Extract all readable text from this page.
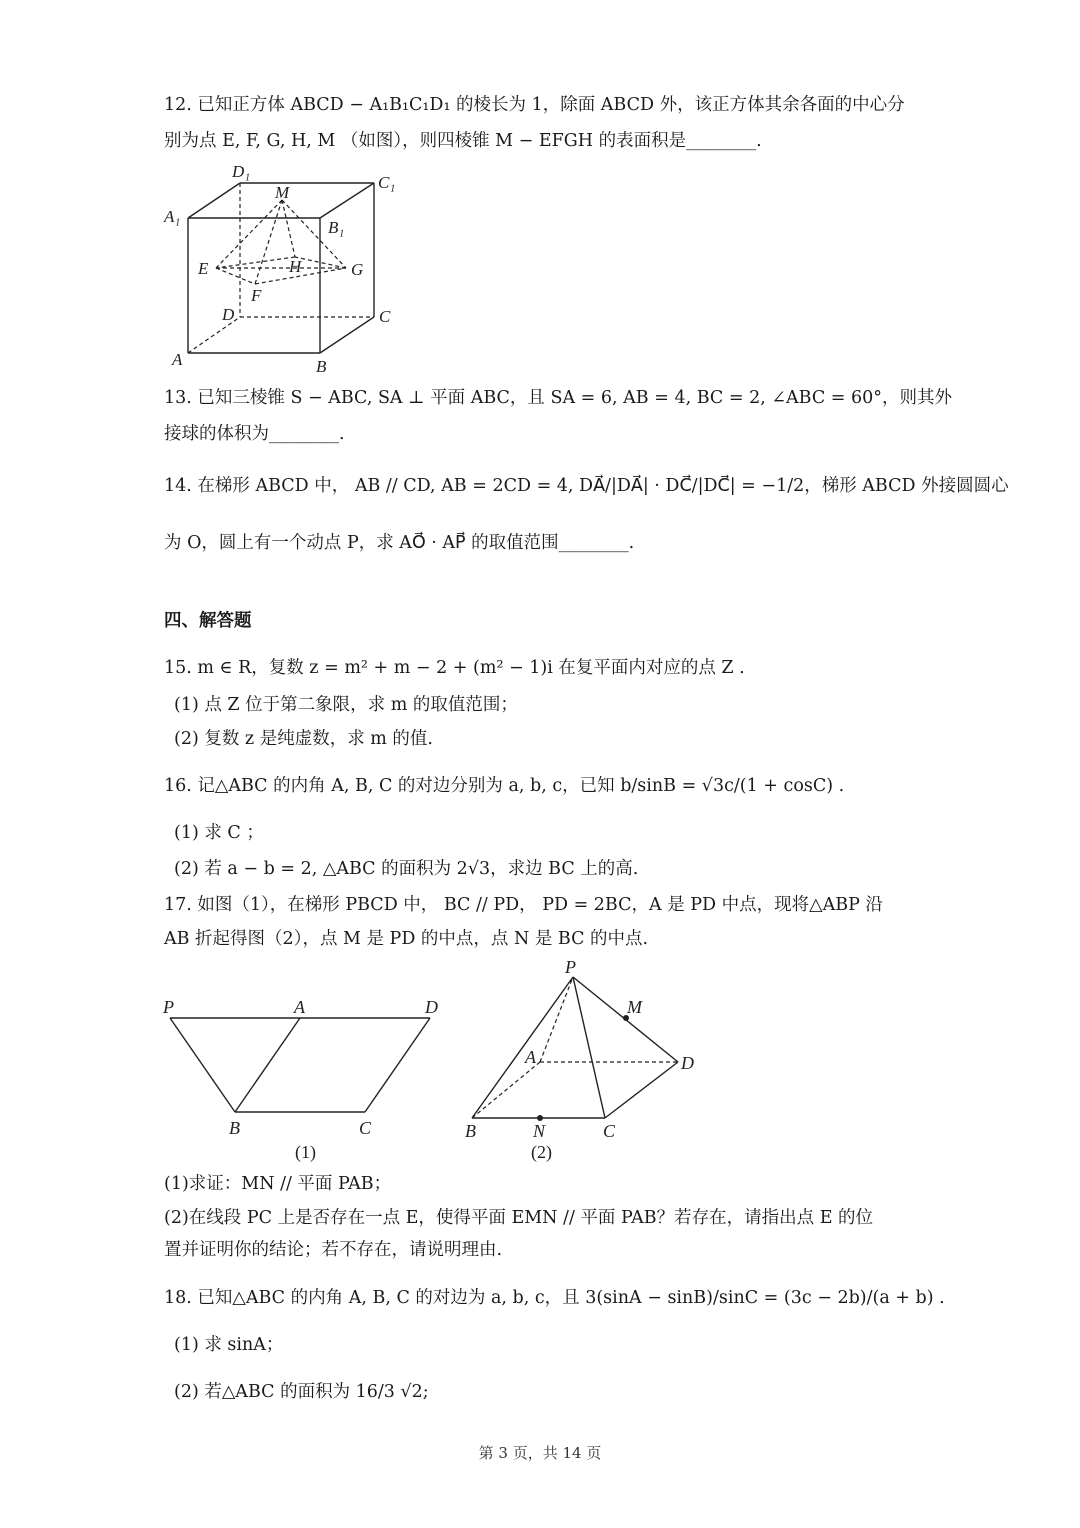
12. 已知正方体 ABCD − A₁B₁C₁D₁ 的棱长为 1，除面 ABCD 外，该正方体其余各面的中心分
别为点 E, F, G, H, M （如图），则四棱锥 M − EFGH 的表面积是________.
D₁
C₁
A₁
B₁
M
E	H	G
F
D	C
A	B
13. 已知三棱锥 S − ABC, SA ⊥ 平面 ABC，且 SA = 6, AB = 4, BC = 2, ∠ABC = 60°，则其外
接球的体积为________.
14. 在梯形 ABCD 中， AB // CD, AB = 2CD = 4, DA⃗/|DA⃗| · DC⃗/|DC⃗| = −1/2，梯形 ABCD 外接圆圆心
为 O，圆上有一个动点 P，求 AO⃗ · AP⃗ 的取值范围________.
四、解答题
15. m ∈ R，复数 z = m² + m − 2 + (m² − 1)i 在复平面内对应的点 Z .
(1) 点 Z 位于第二象限，求 m 的取值范围；
(2) 复数 z 是纯虚数，求 m 的值.
16. 记△ABC 的内角 A, B, C 的对边分别为 a, b, c，已知 b/sinB = √3c/(1 + cosC) .
(1) 求 C ；
(2) 若 a − b = 2, △ABC 的面积为 2√3，求边 BC 上的高.
17. 如图（1），在梯形 PBCD 中， BC // PD， PD = 2BC，A 是 PD 中点，现将△ABP 沿
AB 折起得图（2），点 M 是 PD 的中点，点 N 是 BC 的中点.
P	A	D
B	C
(1)
P
M
A	D
B	N	C
(2)
(1)求证：MN // 平面 PAB；
(2)在线段 PC 上是否存在一点 E，使得平面 EMN // 平面 PAB？若存在，请指出点 E 的位
置并证明你的结论；若不存在，请说明理由.
18. 已知△ABC 的内角 A, B, C 的对边为 a, b, c，且 3(sinA − sinB)/sinC = (3c − 2b)/(a + b) .
(1) 求 sinA；
(2) 若△ABC 的面积为 16/3 √2;
第 3 页，共 14 页
